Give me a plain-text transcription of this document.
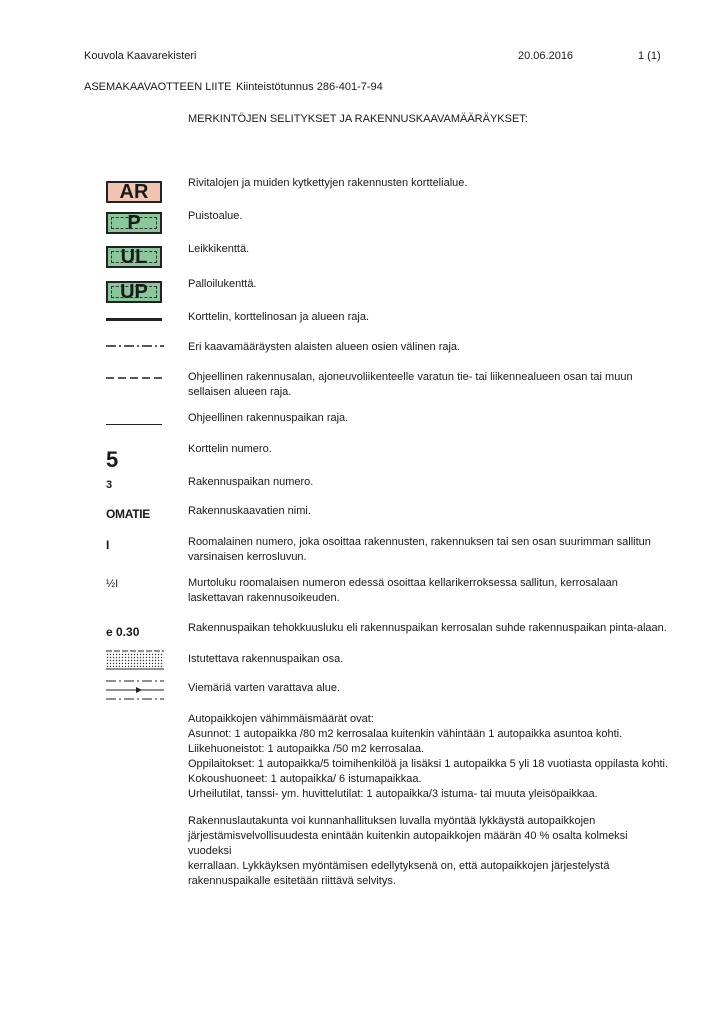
Kouvola Kaavarekisteri	20.06.2016	1 (1)
ASEMAKAAVAOTTEEN LIITE Kiinteistötunnus 286-401-7-94
MERKINTÖJEN SELITYKSET JA RAKENNUSKAAVAMÄÄRÄYKSET:
AR
P
UL
UP
5
3
OMATIE
I
½I
e 0.30
Rivitalojen ja muiden kytkettyjen rakennusten korttelialue.
Puistoalue.
Leikkikenttä.
Palloilukenttä.
Korttelin, korttelinosan ja alueen raja.
Eri kaavamääräysten alaisten alueen osien välinen raja.
Ohjeellinen rakennusalan, ajoneuvoliikenteelle varatun tie- tai liikennealueen osan tai muun sellaisen alueen raja.
Ohjeellinen rakennuspaikan raja.
Korttelin numero.
Rakennuspaikan numero.
Rakennuskaavatien nimi.
Roomalainen numero, joka osoittaa rakennusten, rakennuksen tai sen osan suurimman sallitun varsinaisen kerrosluvun.
Murtoluku roomalaisen numeron edessä osoittaa kellarikerroksessa sallitun, kerrosalaan laskettavan rakennusoikeuden.
Rakennuspaikan tehokkuusluku eli rakennuspaikan kerrosalan suhde rakennuspaikan pinta-alaan.
Istutettava rakennuspaikan osa.
Viemäriä varten varattava alue.
Autopaikkojen vähimmäismäärät ovat:
Asunnot: 1 autopaikka /80 m2 kerrosalaa kuitenkin vähintään 1 autopaikka asuntoa kohti.
Liikehuoneistot: 1 autopaikka /50 m2 kerrosalaa.
Oppilaitokset: 1 autopaikka/5 toimihenkilöä ja lisäksi 1 autopaikka 5 yli 18 vuotiasta oppilasta kohti.
Kokoushuoneet: 1 autopaikka/ 6 istumapaikkaa.
Urheilutilat, tanssi- ym. huvittelutilat: 1 autopaikka/3 istuma- tai muuta yleisöpaikkaa.
Rakennuslautakunta voi kunnanhallituksen luvalla myöntää lykkäystä autopaikkojen
järjestämisvelvollisuudesta enintään kuitenkin autopaikkojen määrän 40 % osalta kolmeksi vuodeksi
kerrallaan. Lykkäyksen myöntämisen edellytyksenä on, että autopaikkojen järjestelystä
rakennuspaikalle esitetään riittävä selvitys.
